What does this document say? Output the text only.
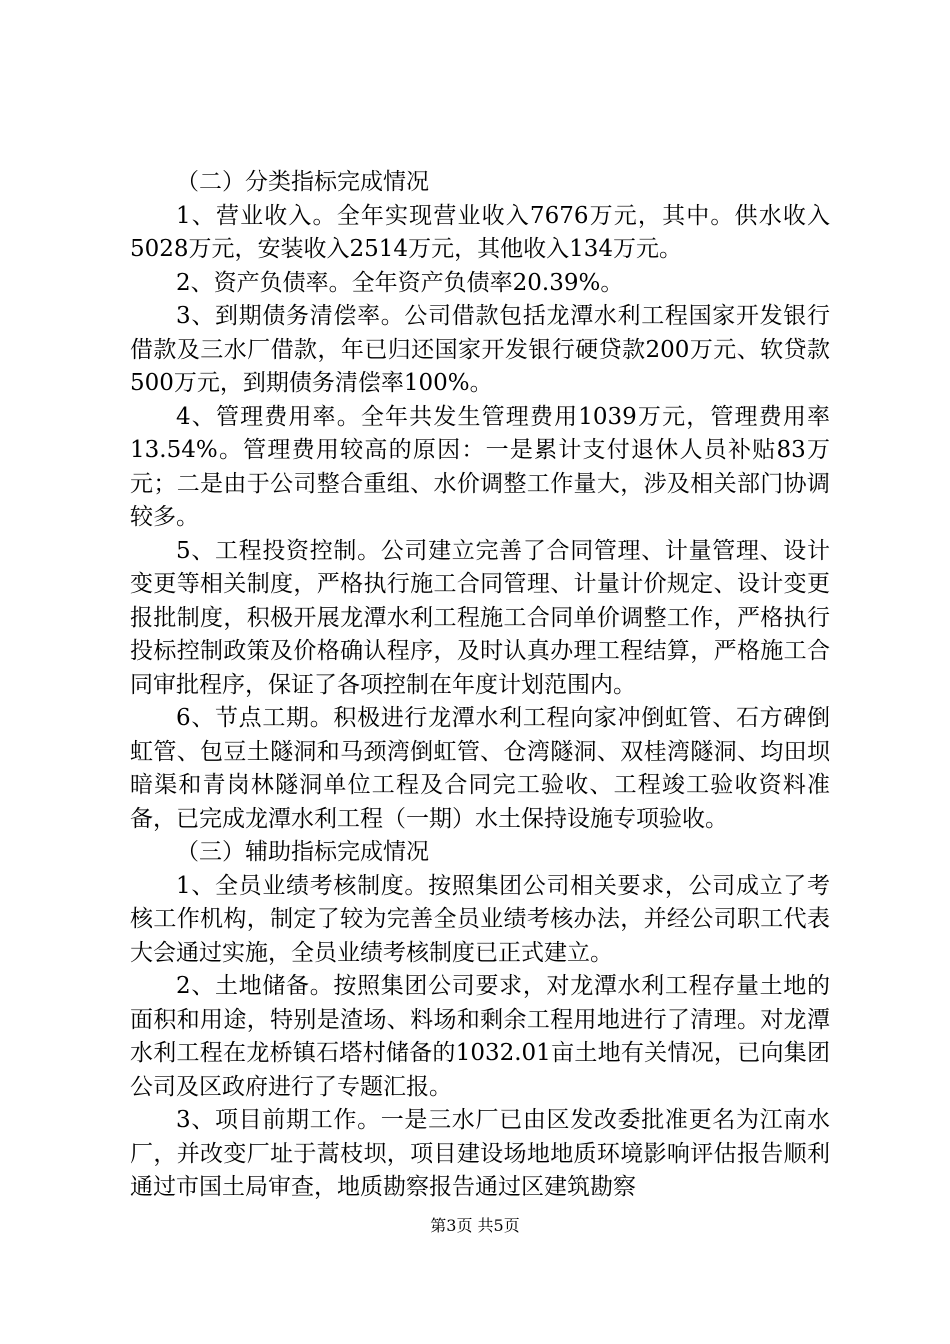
（二）分类指标完成情况

1、营业收入。全年实现营业收入7676万元，其中。供水收入5028万元，安装收入2514万元，其他收入134万元。

2、资产负债率。全年资产负债率20.39%。

3、到期债务清偿率。公司借款包括龙潭水利工程国家开发银行借款及三水厂借款，年已归还国家开发银行硬贷款200万元、软贷款500万元，到期债务清偿率100%。

4、管理费用率。全年共发生管理费用1039万元，管理费用率13.54%。管理费用较高的原因：一是累计支付退休人员补贴83万元；二是由于公司整合重组、水价调整工作量大，涉及相关部门协调较多。

5、工程投资控制。公司建立完善了合同管理、计量管理、设计变更等相关制度，严格执行施工合同管理、计量计价规定、设计变更报批制度，积极开展龙潭水利工程施工合同单价调整工作，严格执行投标控制政策及价格确认程序，及时认真办理工程结算，严格施工合同审批程序，保证了各项控制在年度计划范围内。

6、节点工期。积极进行龙潭水利工程向家冲倒虹管、石方碑倒虹管、包豆土隧洞和马颈湾倒虹管、仓湾隧洞、双桂湾隧洞、均田坝暗渠和青岗林隧洞单位工程及合同完工验收、工程竣工验收资料准备，已完成龙潭水利工程（一期）水土保持设施专项验收。

（三）辅助指标完成情况

1、全员业绩考核制度。按照集团公司相关要求，公司成立了考核工作机构，制定了较为完善全员业绩考核办法，并经公司职工代表大会通过实施，全员业绩考核制度已正式建立。

2、土地储备。按照集团公司要求，对龙潭水利工程存量土地的面积和用途，特别是渣场、料场和剩余工程用地进行了清理。对龙潭水利工程在龙桥镇石塔村储备的1032.01亩土地有关情况，已向集团公司及区政府进行了专题汇报。

3、项目前期工作。一是三水厂已由区发改委批准更名为江南水厂，并改变厂址于蒿枝坝，项目建设场地地质环境影响评估报告顺利通过市国土局审查，地质勘察报告通过区建筑勘察

第3页 共5页
